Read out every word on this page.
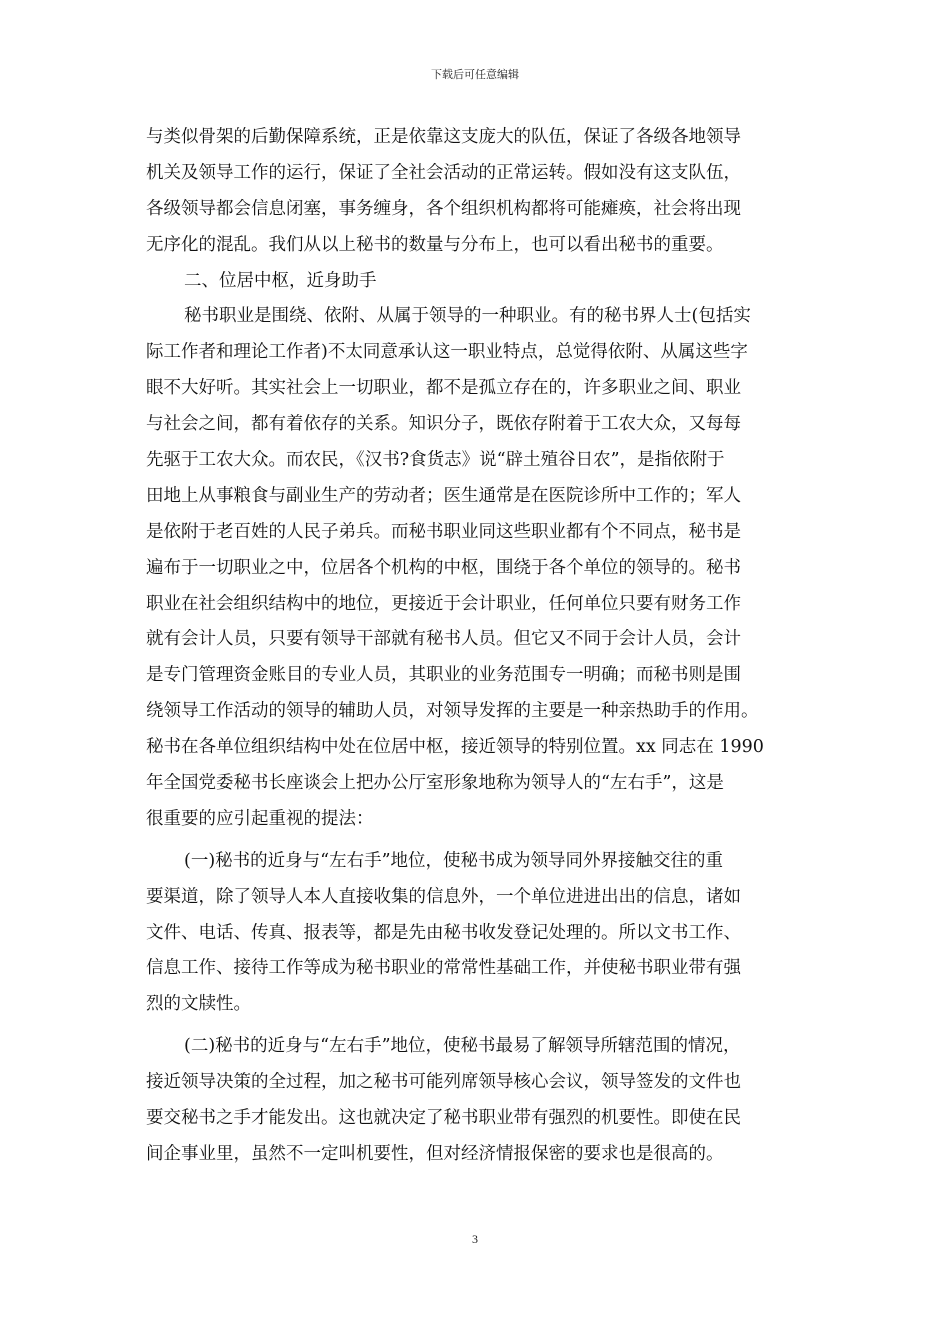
下载后可任意编辑
与类似骨架的后勤保障系统，正是依靠这支庞大的队伍，保证了各级各地领导
机关及领导工作的运行，保证了全社会活动的正常运转。假如没有这支队伍，
各级领导都会信息闭塞，事务缠身，各个组织机构都将可能瘫痪，社会将出现
无序化的混乱。我们从以上秘书的数量与分布上，也可以看出秘书的重要。
二、位居中枢，近身助手
秘书职业是围绕、依附、从属于领导的一种职业。有的秘书界人士(包括实
际工作者和理论工作者)不太同意承认这一职业特点，总觉得依附、从属这些字
眼不大好听。其实社会上一切职业，都不是孤立存在的，许多职业之间、职业
与社会之间，都有着依存的关系。知识分子，既依存附着于工农大众，又每每
先驱于工农大众。而农民，《汉书?食货志》说“辟土殖谷日农”，是指依附于
田地上从事粮食与副业生产的劳动者；医生通常是在医院诊所中工作的；军人
是依附于老百姓的人民子弟兵。而秘书职业同这些职业都有个不同点，秘书是
遍布于一切职业之中，位居各个机构的中枢，围绕于各个单位的领导的。秘书
职业在社会组织结构中的地位，更接近于会计职业，任何单位只要有财务工作
就有会计人员，只要有领导干部就有秘书人员。但它又不同于会计人员，会计
是专门管理资金账目的专业人员，其职业的业务范围专一明确；而秘书则是围
绕领导工作活动的领导的辅助人员，对领导发挥的主要是一种亲热助手的作用。
秘书在各单位组织结构中处在位居中枢，接近领导的特别位置。xx 同志在 1990
年全国党委秘书长座谈会上把办公厅室形象地称为领导人的“左右手”，这是
很重要的应引起重视的提法：
(一)秘书的近身与“左右手”地位，使秘书成为领导同外界接触交往的重
要渠道，除了领导人本人直接收集的信息外，一个单位进进出出的信息，诸如
文件、电话、传真、报表等，都是先由秘书收发登记处理的。所以文书工作、
信息工作、接待工作等成为秘书职业的常常性基础工作，并使秘书职业带有强
烈的文牍性。
(二)秘书的近身与“左右手”地位，使秘书最易了解领导所辖范围的情况，
接近领导决策的全过程，加之秘书可能列席领导核心会议，领导签发的文件也
要交秘书之手才能发出。这也就决定了秘书职业带有强烈的机要性。即使在民
间企事业里，虽然不一定叫机要性，但对经济情报保密的要求也是很高的。
3
